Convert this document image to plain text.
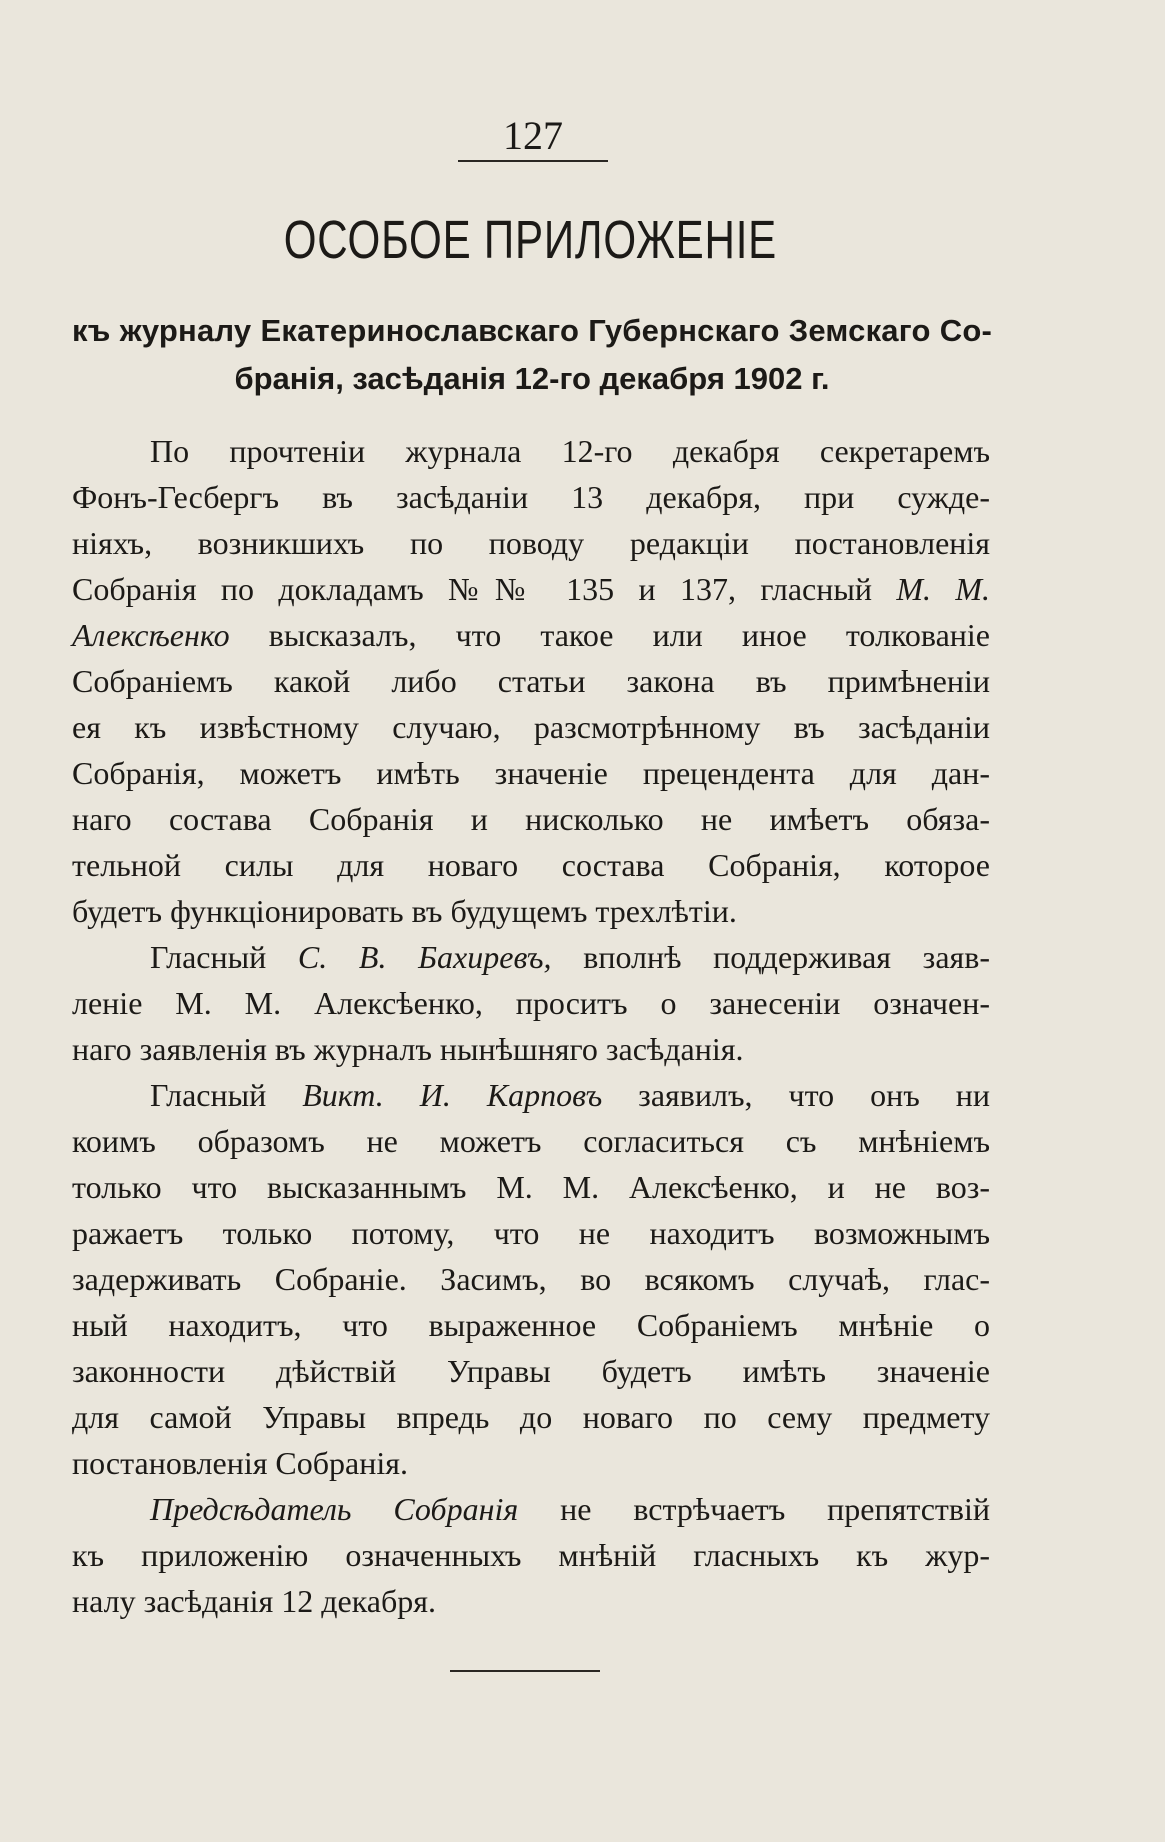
127
ОСОБОЕ ПРИЛОЖЕНІЕ
къ журналу Екатеринославскаго Губернскаго Земскаго Со-
бранія, засѣданія 12-го декабря 1902 г.
По прочтеніи журнала 12-го декабря секретаремъ
Фонъ-Гесбергъ въ засѣданіи 13 декабря, при сужде-
ніяхъ, возникшихъ по поводу редакціи постановленія
Собранія по докладамъ №№ 135 и 137, гласный М. М.
Алексѣенко высказалъ, что такое или иное толкованіе
Собраніемъ какой либо статьи закона въ примѣненіи
ея къ извѣстному случаю, разсмотрѣнному въ засѣданіи
Собранія, можетъ имѣть значеніе прецендента для дан-
наго состава Собранія и нисколько не имѣетъ обяза-
тельной силы для новаго состава Собранія, которое
будетъ функціонировать въ будущемъ трехлѣтіи.
Гласный С. В. Бахиревъ, вполнѣ поддерживая заяв-
леніе М. М. Алексѣенко, проситъ о занесеніи означен-
наго заявленія въ журналъ нынѣшняго засѣданія.
Гласный Викт. И. Карповъ заявилъ, что онъ ни
коимъ образомъ не можетъ согласиться съ мнѣніемъ
только что высказаннымъ М. М. Алексѣенко, и не воз-
ражаетъ только потому, что не находитъ возможнымъ
задерживать Собраніе. Засимъ, во всякомъ случаѣ, глас-
ный находитъ, что выраженное Собраніемъ мнѣніе о
законности дѣйствій Управы будетъ имѣть значеніе
для самой Управы впредь до новаго по сему предмету
постановленія Собранія.
Предсѣдатель Собранія не встрѣчаетъ препятствій
къ приложенію означенныхъ мнѣній гласныхъ къ жур-
налу засѣданія 12 декабря.
